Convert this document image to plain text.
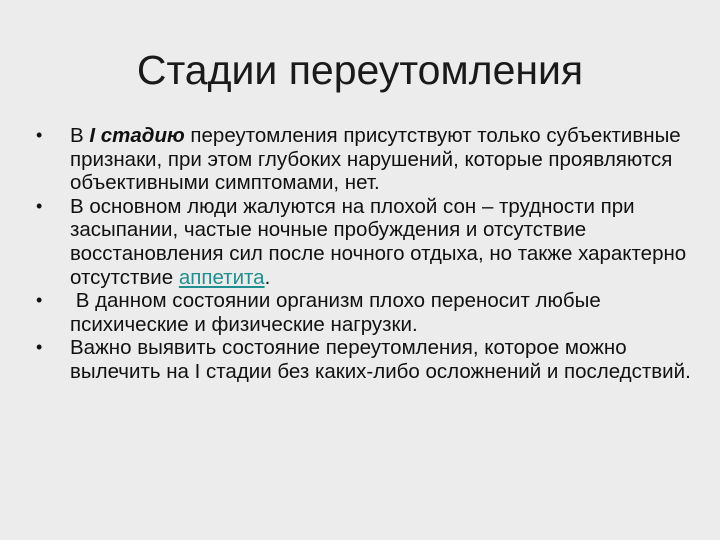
Стадии переутомления
•	В I стадию переутомления присутствуют только субъективные признаки, при этом глубоких нарушений, которые проявляются объективными симптомами, нет.
•	В основном люди жалуются на плохой сон – трудности при засыпании, частые ночные пробуждения и отсутствие восстановления сил после ночного отдыха, но также характерно отсутствие аппетита.
•	В данном состоянии организм плохо переносит любые психические и физические нагрузки.
•	Важно выявить состояние переутомления, которое можно вылечить на I стадии без каких-либо осложнений и последствий.
